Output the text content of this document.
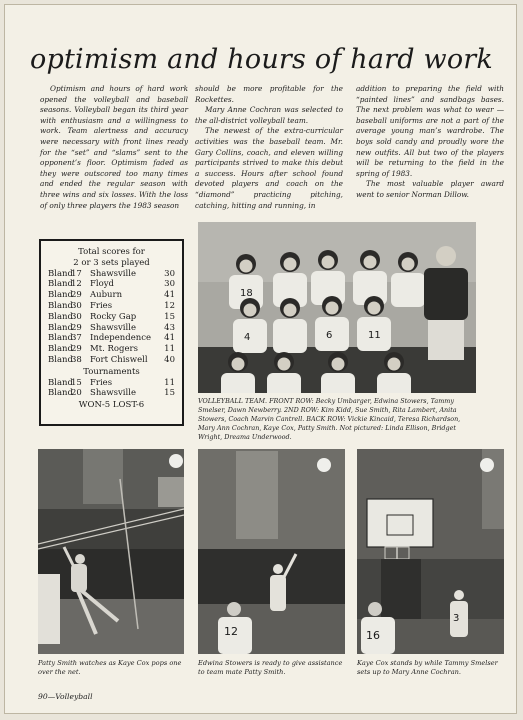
optimism and hours of hard work

Optimism and hours of hard work opened the volleyball and baseball seasons. Volleyball began its third year with enthusiasm and a willingness to work. Team alertness and accuracy were necessary with front lines ready for the “set” and “slams” sent to the opponent’s floor. Optimism faded as they were outscored too many times and ended the regular season with three wins and six losses. With the loss of only three players the 1983 season

should be more profitable for the Rockettes.

Mary Anne Cochran was selected to the all-district volleyball team.

The newest of the extra-curricular activities was the baseball team. Mr. Gary Collins, coach, and eleven willing participants strived to make this debut a success. Hours after school found devoted players and coach on the “diamond” practicing pitching, catching, hitting and running, in

addition to preparing the field with “painted lines” and sandbags bases. The next problem was what to wear — baseball uniforms are not a part of the average young man’s wardrobe. The boys sold candy and proudly wore the new outfits. All but two of the players will be returning to the field in the spring of 1983.

The most valuable player award went to senior Norman Dillow.

Total scores for
2 or 3 sets played
Bland
17 Shawsville	30
Bland
12 Floyd	30
Bland
29 Auburn	41
Bland
30 Fries	12
Bland
30 Rocky Gap	15
Bland
29 Shawsville	43
Bland
37 Independence	41
Bland
29 Mt. Rogers	11
Bland
38 Fort Chiswell	40
Tournaments
Bland
15 Fries	11
Bland
20 Shawsville	15
WON-5 LOST-6
18
4	6	11
VOLLEYBALL TEAM. FRONT ROW: Becky Umbarger, Edwina Stowers, Tammy Smelser, Dawn Newberry. 2ND ROW: Kim Kidd, Sue Smith, Rita Lambert, Anita Stowers, Coach Marvin Cantrell. BACK ROW: Vickie Kincaid, Teresa Richardson, Mary Ann Cochran, Kaye Cox, Patty Smith. Not pictured: Linda Ellison, Bridget Wright, Dreama Underwood.
12
3
16
Patty Smith watches as Kaye Cox pops one over the net.
Edwina Stowers is ready to give assistance to team mate Patty Smith.
Kaye Cox stands by while Tammy Smelser sets up to Mary Anne Cochran.
90—Volleyball
